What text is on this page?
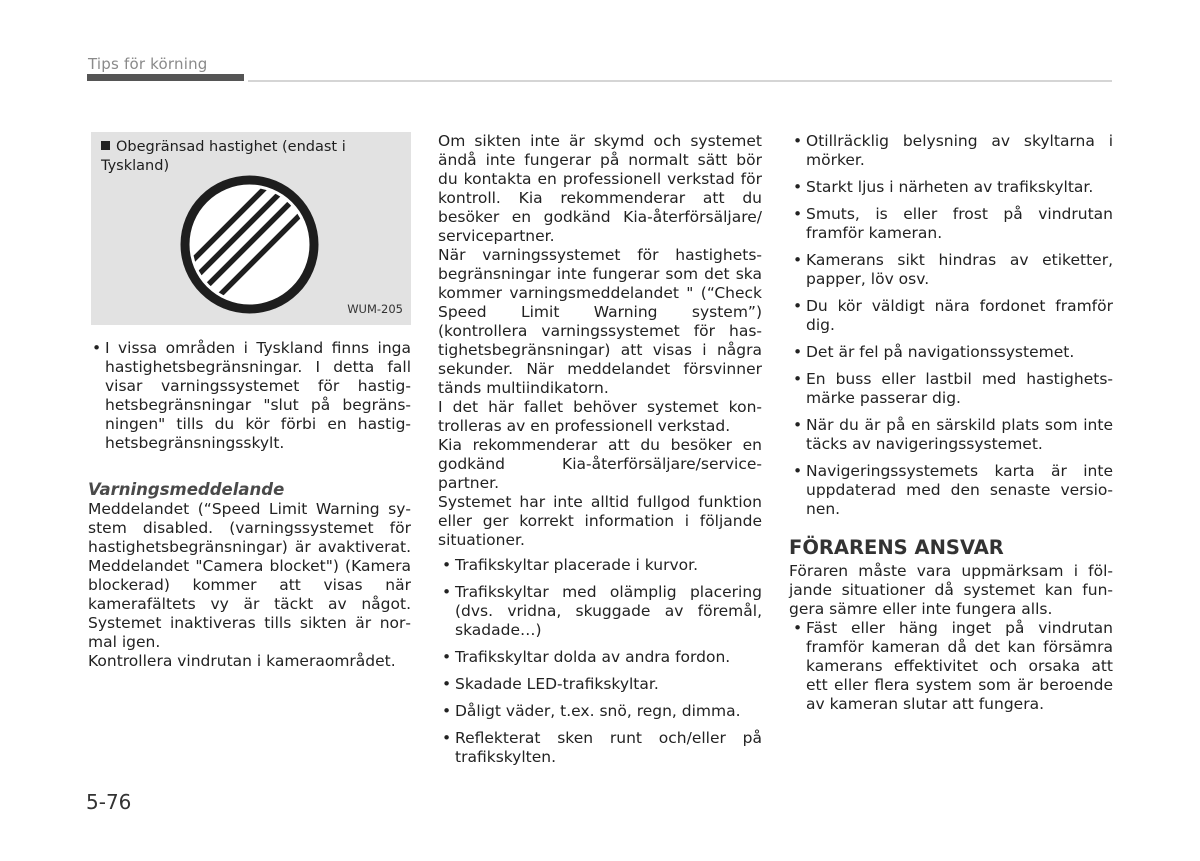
Tips för körning
Obegränsad hastighet (endast i Tyskland)
WUM-205
• I vissa områden i Tyskland finns inga hastighetsbegränsningar. I detta fall visar varningssystemet för hastighetsbegränsningar "slut på begränsningen" tills du kör förbi en hastighetsbegränsningsskylt.
Varningsmeddelande

Meddelandet (“Speed Limit Warning system disabled. (varningssystemet för hastighetsbegränsningar) är avaktiverat. Meddelandet "Camera blocket") (Kamera blockerad) kommer att visas när kamerafältets vy är täckt av något. Systemet inaktiveras tills sikten är normal igen.

Kontrollera vindrutan i kameraområdet.

Om sikten inte är skymd och systemet ändå inte fungerar på normalt sätt bör du kontakta en professionell verkstad för kontroll. Kia rekommenderar att du besöker en godkänd Kia-återförsäljare/ servicepartner.

När varningssystemet för hastighetsbegränsningar inte fungerar som det ska kommer varningsmeddelandet " (“Check Speed Limit Warning system”) (kontrollera varningssystemet för hastighetsbegränsningar) att visas i några sekunder. När meddelandet försvinner tänds multiindikatorn.

I det här fallet behöver systemet kontrolleras av en professionell verkstad.

Kia rekommenderar att du besöker en godkänd Kia-återförsäljare/servicepartner.

Systemet har inte alltid fullgod funktion eller ger korrekt information i följande situationer.

• Trafikskyltar placerade i kurvor.
• Trafikskyltar med olämplig placering (dvs. vridna, skuggade av föremål, skadade…)
• Trafikskyltar dolda av andra fordon.
• Skadade LED-trafikskyltar.
• Dåligt väder, t.ex. snö, regn, dimma.
• Reflekterat sken runt och/eller på trafikskylten.
• Otillräcklig belysning av skyltarna i mörker.
• Starkt ljus i närheten av trafikskyltar.
• Smuts, is eller frost på vindrutan framför kameran.
• Kamerans sikt hindras av etiketter, papper, löv osv.
• Du kör väldigt nära fordonet framför dig.
• Det är fel på navigationssystemet.
• En buss eller lastbil med hastighetsmärke passerar dig.
• När du är på en särskild plats som inte täcks av navigeringssystemet.
• Navigeringssystemets karta är inte uppdaterad med den senaste versionen.
FÖRARENS ANSVAR

Föraren måste vara uppmärksam i följande situationer då systemet kan fungera sämre eller inte fungera alls.

• Fäst eller häng inget på vindrutan framför kameran då det kan försämra kamerans effektivitet och orsaka att ett eller flera system som är beroende av kameran slutar att fungera.
5-76
